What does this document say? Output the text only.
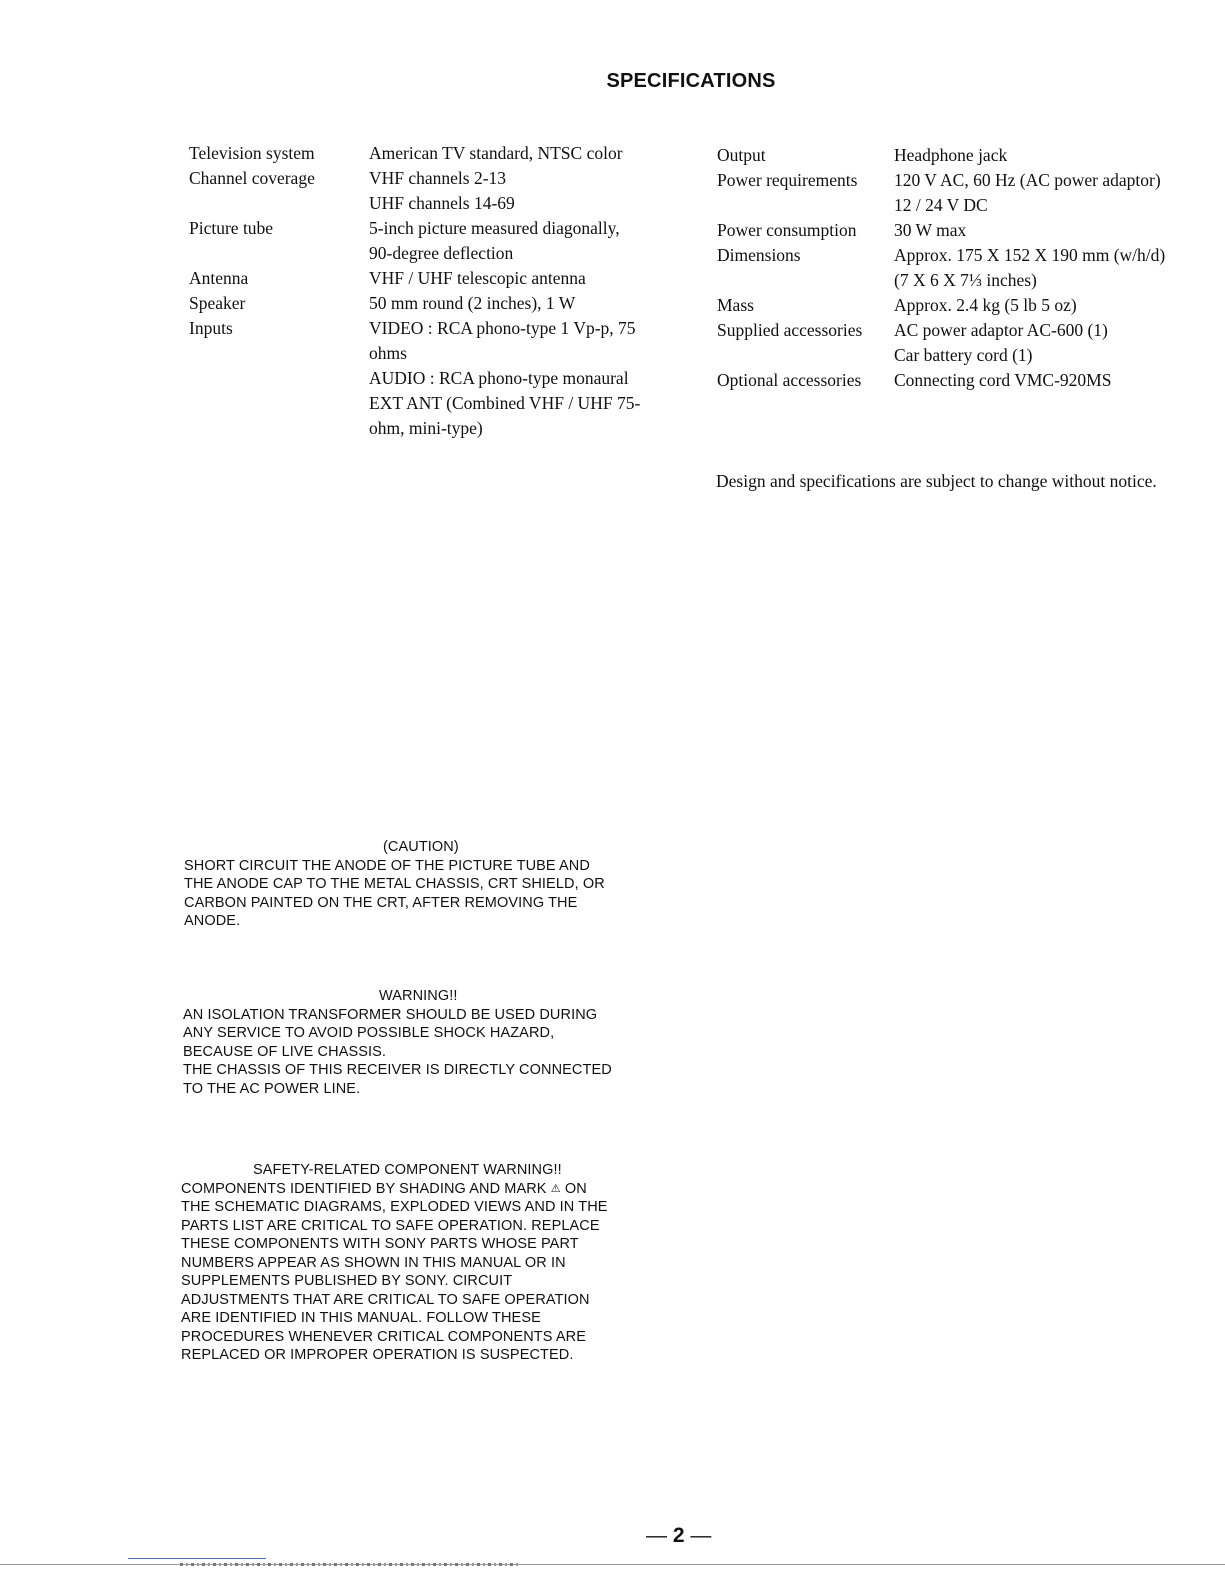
SPECIFICATIONS
Television system	American TV standard, NTSC color
Channel coverage	VHF channels 2-13
UHF channels 14-69
Picture tube	5-inch picture measured diagonally,
90-degree deflection
Antenna	VHF / UHF telescopic antenna
Speaker	50 mm round (2 inches), 1 W
Inputs	VIDEO : RCA phono-type 1 Vp-p, 75
ohms
AUDIO : RCA phono-type monaural
EXT ANT (Combined VHF / UHF 75-
ohm, mini-type)
Output	Headphone jack
Power requirements	120 V AC, 60 Hz (AC power adaptor)
12 / 24 V DC
Power consumption	30 W max
Dimensions	Approx. 175 X 152 X 190 mm (w/h/d)
(7 X 6 X 7⅓ inches)
Mass	Approx. 2.4 kg (5 lb 5 oz)
Supplied accessories	AC power adaptor AC-600 (1)
Car battery cord (1)
Optional accessories	Connecting cord VMC-920MS
Design and specifications are subject to change without notice.
(CAUTION)
SHORT CIRCUIT THE ANODE OF THE PICTURE TUBE AND
THE ANODE CAP TO THE METAL CHASSIS, CRT SHIELD, OR
CARBON PAINTED ON THE CRT, AFTER REMOVING THE
ANODE.
WARNING!!
AN ISOLATION TRANSFORMER SHOULD BE USED DURING
ANY SERVICE TO AVOID POSSIBLE SHOCK HAZARD,
BECAUSE OF LIVE CHASSIS.
THE CHASSIS OF THIS RECEIVER IS DIRECTLY CONNECTED
TO THE AC POWER LINE.
SAFETY-RELATED COMPONENT WARNING!!
COMPONENTS IDENTIFIED BY SHADING AND MARK ⚠ ON
THE SCHEMATIC DIAGRAMS, EXPLODED VIEWS AND IN THE
PARTS LIST ARE CRITICAL TO SAFE OPERATION. REPLACE
THESE COMPONENTS WITH SONY PARTS WHOSE PART
NUMBERS APPEAR AS SHOWN IN THIS MANUAL OR IN
SUPPLEMENTS PUBLISHED BY SONY. CIRCUIT
ADJUSTMENTS THAT ARE CRITICAL TO SAFE OPERATION
ARE IDENTIFIED IN THIS MANUAL. FOLLOW THESE
PROCEDURES WHENEVER CRITICAL COMPONENTS ARE
REPLACED OR IMPROPER OPERATION IS SUSPECTED.
— 2 —
